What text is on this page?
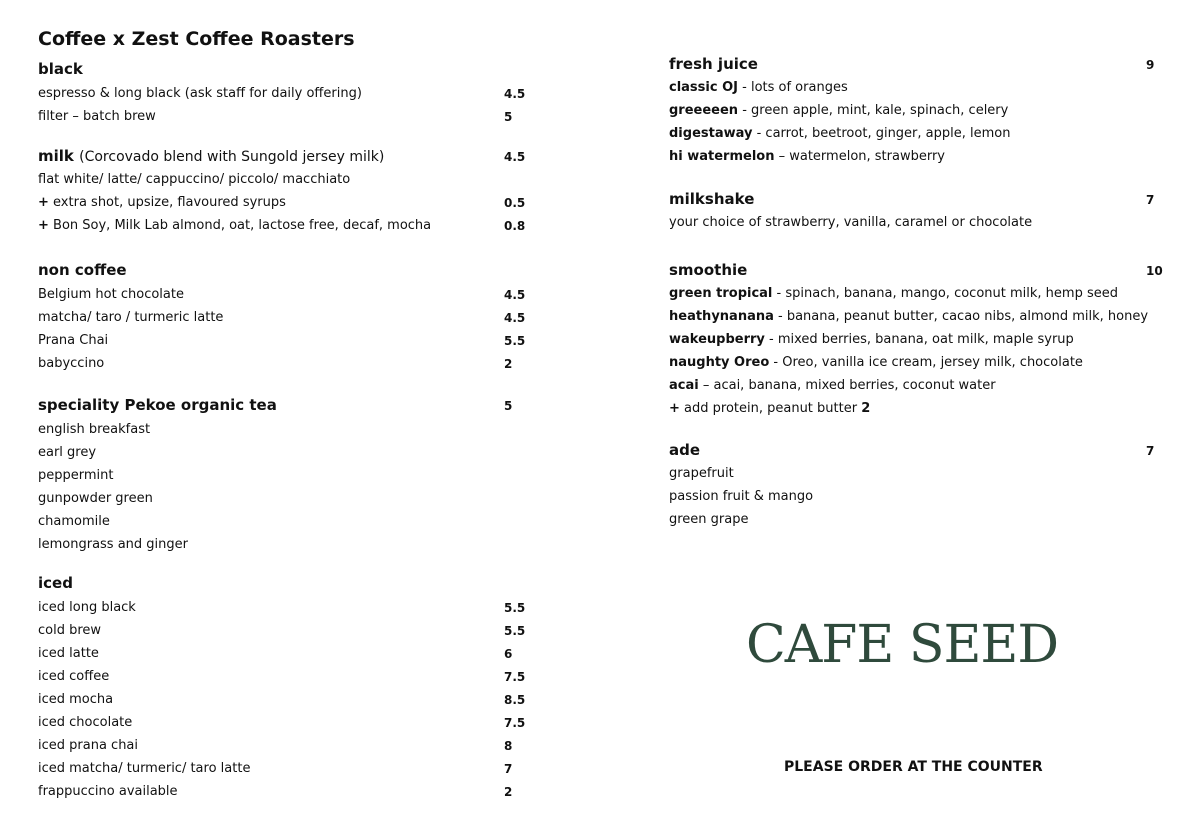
Coffee x Zest Coffee Roasters
black
espresso & long black (ask staff for daily offering)	4.5
filter – batch brew	5
milk (Corcovado blend with Sungold jersey milk)	4.5
flat white/ latte/ cappuccino/ piccolo/ macchiato
+ extra shot, upsize, flavoured syrups	0.5
+ Bon Soy, Milk Lab almond, oat, lactose free, decaf, mocha	0.8
non coffee
Belgium hot chocolate	4.5
matcha/ taro / turmeric latte	4.5
Prana Chai	5.5
babyccino	2
speciality Pekoe organic tea	5
english breakfast
earl grey
peppermint
gunpowder green
chamomile
lemongrass and ginger
iced
iced long black	5.5
cold brew	5.5
iced latte	6
iced coffee	7.5
iced mocha	8.5
iced chocolate	7.5
iced prana chai	8
iced matcha/ turmeric/ taro latte	7
frappuccino available	2
fresh juice	9
classic OJ - lots of oranges
greeeeen - green apple, mint, kale, spinach, celery
digestaway - carrot, beetroot, ginger, apple, lemon
hi watermelon – watermelon, strawberry
milkshake	7
your choice of strawberry, vanilla, caramel or chocolate
smoothie	10
green tropical - spinach, banana, mango, coconut milk, hemp seed
heathynanana - banana, peanut butter, cacao nibs, almond milk, honey
wakeupberry - mixed berries, banana, oat milk, maple syrup
naughty Oreo - Oreo, vanilla ice cream, jersey milk, chocolate
acai – acai, banana, mixed berries, coconut water
+ add protein, peanut butter 2
ade	7
grapefruit
passion fruit & mango
green grape
CAFE SEED
PLEASE ORDER AT THE COUNTER
